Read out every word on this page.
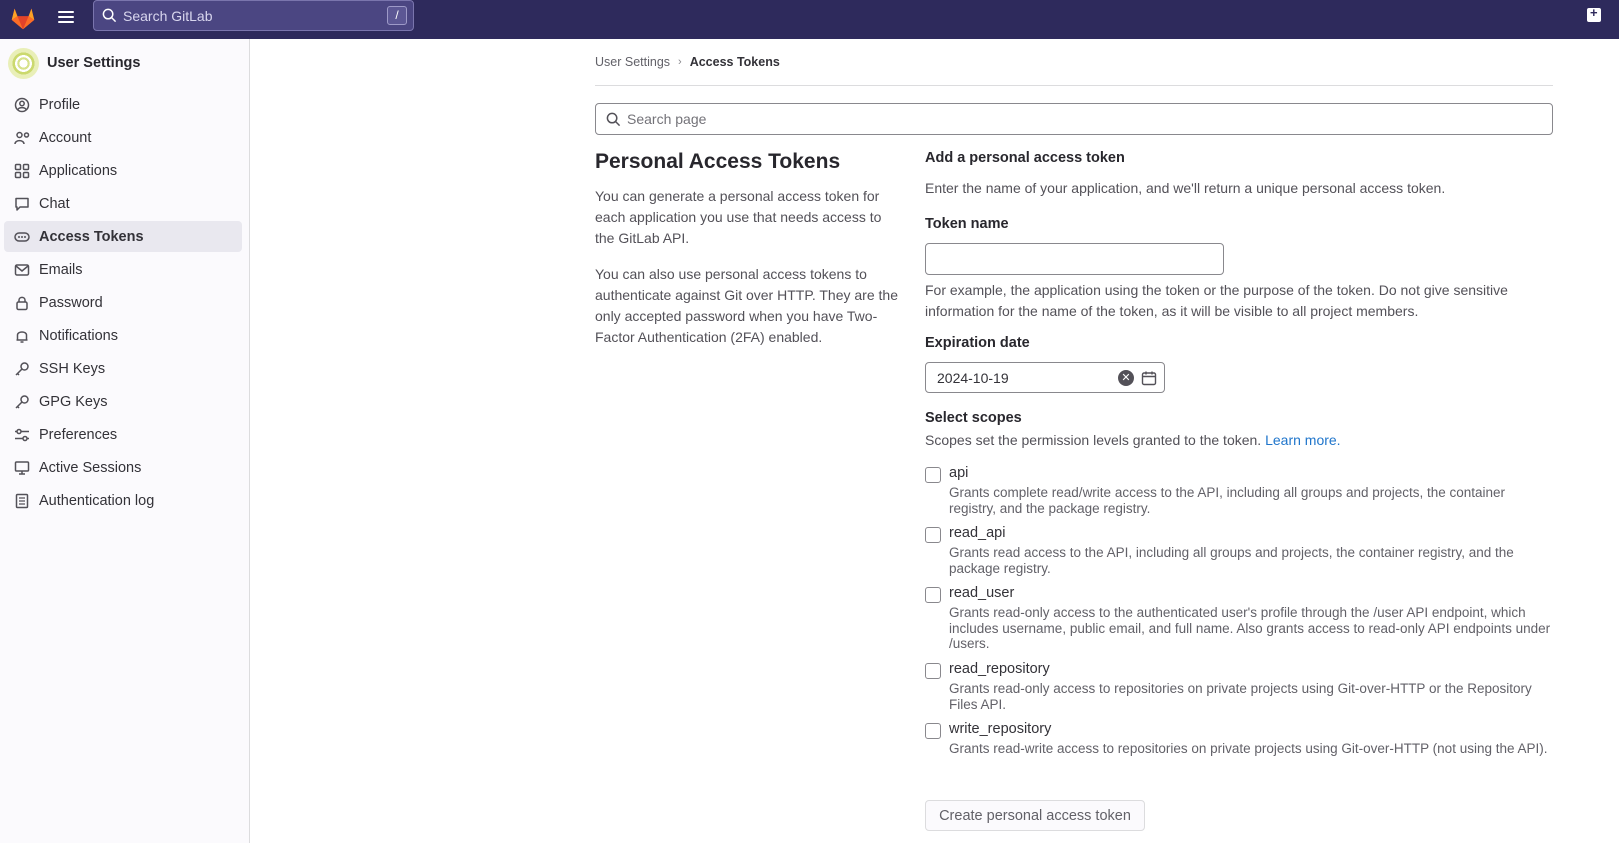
Search GitLab	/
+
User Settings
Profile
Account
Applications
Chat
Access Tokens
Emails
Password
Notifications
SSH Keys
GPG Keys
Preferences
Active Sessions
Authentication log
User Settings › Access Tokens
Search page
Personal Access Tokens

You can generate a personal access token for each application you use that needs access to the GitLab API.

You can also use personal access tokens to authenticate against Git over HTTP. They are the only accepted password when you have Two-Factor Authentication (2FA) enabled.

Add a personal access token
Enter the name of your application, and we'll return a unique personal access token.
Token name
For example, the application using the token or the purpose of the token. Do not give sensitive information for the name of the token, as it will be visible to all project members.
Expiration date
2024-10-19	✕
Select scopes
Scopes set the permission levels granted to the token. Learn more.
api
Grants complete read/write access to the API, including all groups and projects, the container registry, and the package registry.
read_api
Grants read access to the API, including all groups and projects, the container registry, and the package registry.
read_user
Grants read-only access to the authenticated user's profile through the /user API endpoint, which includes username, public email, and full name. Also grants access to read-only API endpoints under /users.
read_repository
Grants read-only access to repositories on private projects using Git-over-HTTP or the Repository Files API.
write_repository
Grants read-write access to repositories on private projects using Git-over-HTTP (not using the API).
Create personal access token
